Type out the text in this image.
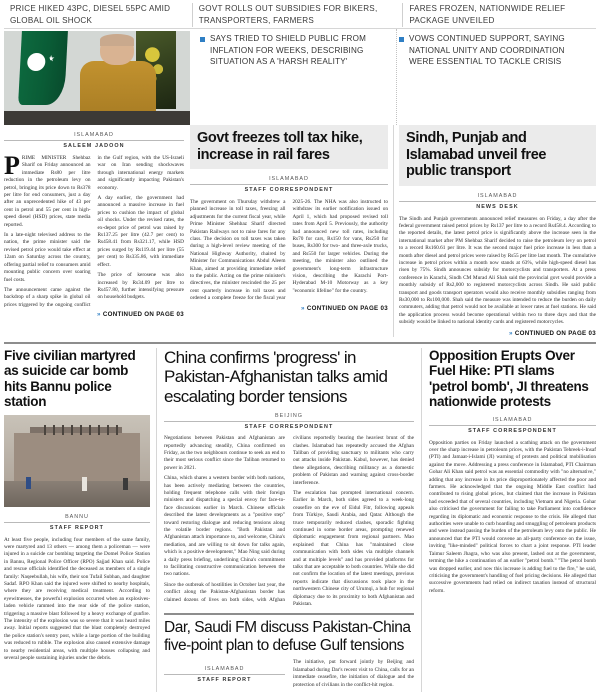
PRICE HIKED 43PC, DIESEL 55PC AMID GLOBAL OIL SHOCK
GOVT ROLLS OUT SUBSIDIES FOR BIKERS, TRANSPORTERS, FARMERS
FARES FROZEN, NATIONWIDE RELIEF PACKAGE UNVEILED
SAYS TRIED TO SHIELD PUBLIC FROM INFLATION FOR WEEKS, DESCRIBING SITUATION AS A 'HARSH REALITY'
VOWS CONTINUED SUPPORT, SAYING NATIONAL UNITY AND COORDINATION WERE ESSENTIAL TO TACKLE CRISIS
ISLAMABAD
SALEEM JADOON

PRIME MINISTER Shehbaz Sharif on Friday announced an immediate Rs80 per litre reduction in the petroleum levy on petrol, bringing its price down to Rs378 per litre for end consumers, just a day after an unprecedented hike of 43 per cent in petrol and 55 per cent in high-speed diesel (HSD) prices, state media reported.

In a late-night televised address to the nation, the prime minister said the revised petrol price would take effect at 12am on Saturday across the country, offering partial relief to consumers amid mounting public concern over soaring fuel costs.

The announcement came against the backdrop of a sharp spike in global oil prices triggered by the ongoing conflict in the Gulf region, with the US-Israeli war on Iran sending shockwaves through international energy markets and significantly impacting Pakistan's economy.

A day earlier, the government had announced a massive increase in fuel prices to cushion the impact of global oil shocks. Under the revised rates, the ex-depot price of petrol was raised by Rs137.25 per litre (42.7 per cent) to Rs458.41 from Rs321.17, while HSD prices surged by Rs119.44 per litre (55 per cent) to Rs335.86, with immediate effect.

The price of kerosene was also increased by Rs34.09 per litre to Rs457.80, further intensifying pressure on household budgets.

» CONTINUED ON PAGE 03
Govt freezes toll tax hike, increase in rail fares
ISLAMABAD
STAFF CORRESPONDENT

The government on Thursday withdrew a planned increase in toll taxes, freezing all adjustments for the current fiscal year, while Prime Minister Shehbaz Sharif directed Pakistan Railways not to raise fares for any class. The decision on toll taxes was taken during a high-level review meeting of the National Highway Authority, chaired by Minister for Communications Abdul Aleem Khan, aimed at providing immediate relief to the public. Acting on the prime minister's directives, the minister rescinded the 25 per cent quarterly increase in toll taxes and ordered a complete freeze for the fiscal year 2025-26. The NHA was also instructed to withdraw its earlier notification issued on April 1, which had proposed revised toll rates from April 5. Previously, the authority had announced new toll rates, including Rs70 for cars, Rs150 for vans, Rs250 for buses, Rs300 for two- and three-axle trucks, and Rs550 for larger vehicles. During the meeting, the minister also outlined the government's long-term infrastructure vision, describing the Karachi Port-Hyderabad M-10 Motorway as a key "economic lifeline" for the country.

» CONTINUED ON PAGE 03
Sindh, Punjab and Islamabad unveil free public transport
ISLAMABAD
NEWS DESK

The Sindh and Punjab governments announced relief measures on Friday, a day after the federal government raised petrol prices by Rs137 per litre to a record Rs458.4. According to the reported details, the latest petrol price is significantly above the increase seen in the international market after PM Shehbaz Sharif decided to raise the petroleum levy on petrol to a record Rs160.61 per litre. It was the second major fuel price increase in less than a month after diesel and petrol prices were raised by Rs55 per litre last month. The cumulative increase in petrol prices within a month now stands at 63%, while high-speed diesel has risen by 75%. Sindh announces subsidy for motorcyclists and transporters. At a press conference in Karachi, Sindh CM Murad Ali Shah said the provincial govt would provide a monthly subsidy of Rs2,000 to registered motorcyclists across Sindh. He said public transport and goods transport operators would also receive monthly subsidies ranging from Rs30,000 to Rs100,000. Shah said the measure was intended to reduce the burden on daily commuters, adding that petrol would not be available at lower rates at fuel stations. He said the application process would become operational within two to three days and that the subsidy would be linked to national identity cards and registered motorcycles.

» CONTINUED ON PAGE 03
Five civilian martyred as suicide car bomb hits Bannu police station
BANNU
STAFF REPORT

At least five people, including four members of the same family, were martyred and 13 others — among them a policeman — were injured in a suicide car bombing targeting the Domel Police Station in Bannu, Regional Police Officer (RPO) Sajjad Khan said. Police and rescue officials identified the deceased as members of a single family: Naqeebullah, his wife, their son Tufail Subhan, and daughter Sadaf. RPO Khan said the injured were shifted to nearby hospitals, where they are receiving medical treatment. According to eyewitnesses, the powerful explosion occurred when an explosives-laden vehicle rammed into the rear side of the police station, triggering a massive blast followed by a heavy exchange of gunfire. The intensity of the explosion was so severe that it was heard miles away. Initial reports suggested that the blast completely destroyed the police station's sentry post, while a large portion of the building was reduced to rubble. The explosion also caused extensive damage to nearby residential areas, with multiple houses collapsing and several people sustaining injuries under the debris.

China confirms 'progress' in Pakistan-Afghanistan talks amid escalating border tensions
BEIJING
STAFF CORRESPONDENT

Negotiations between Pakistan and Afghanistan are reportedly advancing steadily, China confirmed on Friday, as the two neighbours continue to seek an end to their most serious conflict since the Taliban returned to power in 2021.

China, which shares a western border with both nations, has been actively mediating between the countries, holding frequent telephone calls with their foreign ministers and dispatching a special envoy for face-to-face discussions earlier in March. Chinese officials described the latest developments as a "positive step" toward restoring dialogue and reducing tensions along the volatile border regions. "Both Pakistan and Afghanistan attach importance to, and welcome, China's mediation, and are willing to sit down for talks again, which is a positive development," Mao Ning said during a daily press briefing, underlining China's commitment to facilitating constructive communication between the two nations.

Since the outbreak of hostilities in October last year, the conflict along the Pakistan-Afghanistan border has claimed dozens of lives on both sides, with Afghan civilians reportedly bearing the heaviest brunt of the clashes. Islamabad has repeatedly accused the Afghan Taliban of providing sanctuary to militants who carry out attacks inside Pakistan. Kabul, however, has denied these allegations, describing militancy as a domestic problem of Pakistan and warning against cross-border interference.

The escalation has prompted international concern. Earlier in March, both sides agreed to a week-long ceasefire on the eve of Eidul Fitr, following appeals from Türkiye, Saudi Arabia, and Qatar. Although the truce temporarily reduced clashes, sporadic fighting continued in some border areas, prompting renewed diplomatic engagement from regional partners. Mao explained that China has "maintained close communication with both sides via multiple channels and at multiple levels" and has provided platforms for talks that are acceptable to both countries. While she did not confirm the location of the latest meetings, previous reports indicate that discussions took place in the northwestern Chinese city of Urumqi, a hub for regional diplomacy due to its proximity to both Afghanistan and Pakistan.

Dar, Saudi FM discuss Pakistan-China five-point plan to defuse Gulf tensions
ISLAMABAD
STAFF REPORT

The initiative, put forward jointly by Beijing and Islamabad during Dar's recent visit to China, calls for an immediate ceasefire, the initiation of dialogue and the protection of civilians in the conflict-hit region.

Opposition Erupts Over Fuel Hike: PTI slams 'petrol bomb', JI threatens nationwide protests
ISLAMABAD
STAFF CORRESPONDENT

Opposition parties on Friday launched a scathing attack on the government over the sharp increase in petroleum prices, with the Pakistan Tehreek-i-Insaf (PTI) and Jamaat-i-Islami (JI) warning of protests and political mobilisation against the move. Addressing a press conference in Islamabad, PTI Chairman Gohar Ali Khan said petrol was an essential commodity with "no alternative," adding that any increase in its price disproportionately affected the poor and farmers. He acknowledged that the ongoing Middle East conflict had contributed to rising global prices, but claimed that the increase in Pakistan had exceeded that of several countries, including Vietnam and Nigeria. Gohar also criticised the government for failing to take Parliament into confidence regarding its diplomatic and economic response to the crisis. He alleged that authorities were unable to curb hoarding and smuggling of petroleum products and were instead passing the burden of the petroleum levy onto the public. He announced that the PTI would convene an all-party conference on the issue, inviting "like-minded" political forces to chart a joint response. PTI leader Taimur Saleem Jhagra, who was also present, lashed out at the government, terming the hike a continuation of an earlier "petrol bomb." "The petrol bomb was dropped earlier, and now this increase is adding fuel to the fire," he said, criticising the government's handling of fuel pricing decisions. He alleged that successive governments had relied on indirect taxation instead of structural reform.
